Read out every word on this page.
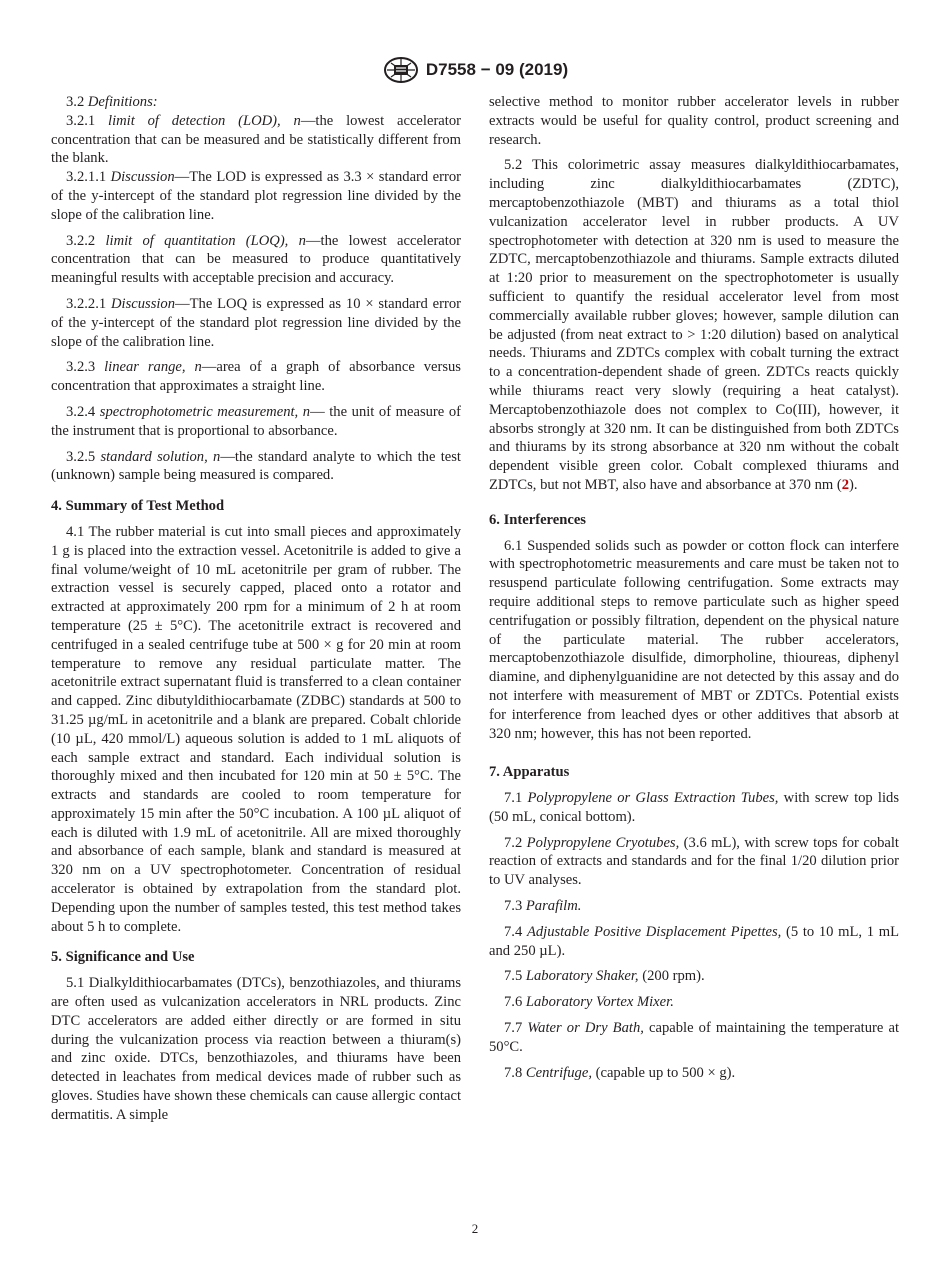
D7558 − 09 (2019)

3.2 Definitions:

3.2.1 limit of detection (LOD), n—the lowest accelerator concentration that can be measured and be statistically different from the blank.

3.2.1.1 Discussion—The LOD is expressed as 3.3 × standard error of the y-intercept of the standard plot regression line divided by the slope of the calibration line.

3.2.2 limit of quantitation (LOQ), n—the lowest accelerator concentration that can be measured to produce quantitatively meaningful results with acceptable precision and accuracy.

3.2.2.1 Discussion—The LOQ is expressed as 10 × standard error of the y-intercept of the standard plot regression line divided by the slope of the calibration line.

3.2.3 linear range, n—area of a graph of absorbance versus concentration that approximates a straight line.

3.2.4 spectrophotometric measurement, n— the unit of measure of the instrument that is proportional to absorbance.

3.2.5 standard solution, n—the standard analyte to which the test (unknown) sample being measured is compared.

4. Summary of Test Method

4.1 The rubber material is cut into small pieces and approximately 1 g is placed into the extraction vessel. Acetonitrile is added to give a final volume/weight of 10 mL acetonitrile per gram of rubber. The extraction vessel is securely capped, placed onto a rotator and extracted at approximately 200 rpm for a minimum of 2 h at room temperature (25 ± 5°C). The acetonitrile extract is recovered and centrifuged in a sealed centrifuge tube at 500 × g for 20 min at room temperature to remove any residual particulate matter. The acetonitrile extract supernatant fluid is transferred to a clean container and capped. Zinc dibutyldithiocarbamate (ZDBC) standards at 500 to 31.25 µg/mL in acetonitrile and a blank are prepared. Cobalt chloride (10 µL, 420 mmol/L) aqueous solution is added to 1 mL aliquots of each sample extract and standard. Each individual solution is thoroughly mixed and then incubated for 120 min at 50 ± 5°C. The extracts and standards are cooled to room temperature for approximately 15 min after the 50°C incubation. A 100 µL aliquot of each is diluted with 1.9 mL of acetonitrile. All are mixed thoroughly and absorbance of each sample, blank and standard is measured at 320 nm on a UV spectrophotometer. Concentration of residual accelerator is obtained by extrapolation from the standard plot. Depending upon the number of samples tested, this test method takes about 5 h to complete.

5. Significance and Use

5.1 Dialkyldithiocarbamates (DTCs), benzothiazoles, and thiurams are often used as vulcanization accelerators in NRL products. Zinc DTC accelerators are added either directly or are formed in situ during the vulcanization process via reaction between a thiuram(s) and zinc oxide. DTCs, benzothiazoles, and thiurams have been detected in leachates from medical devices made of rubber such as gloves. Studies have shown these chemicals can cause allergic contact dermatitis. A simple

selective method to monitor rubber accelerator levels in rubber extracts would be useful for quality control, product screening and research.

5.2 This colorimetric assay measures dialkyldithiocarbamates, including zinc dialkyldithiocarbamates (ZDTC), mercaptobenzothiazole (MBT) and thiurams as a total thiol vulcanization accelerator level in rubber products. A UV spectrophotometer with detection at 320 nm is used to measure the ZDTC, mercaptobenzothiazole and thiurams. Sample extracts diluted at 1:20 prior to measurement on the spectrophotometer is usually sufficient to quantify the residual accelerator level from most commercially available rubber gloves; however, sample dilution can be adjusted (from neat extract to > 1:20 dilution) based on analytical needs. Thiurams and ZDTCs complex with cobalt turning the extract to a concentration-dependent shade of green. ZDTCs reacts quickly while thiurams react very slowly (requiring a heat catalyst). Mercaptobenzothiazole does not complex to Co(III), however, it absorbs strongly at 320 nm. It can be distinguished from both ZDTCs and thiurams by its strong absorbance at 320 nm without the cobalt dependent visible green color. Cobalt complexed thiurams and ZDTCs, but not MBT, also have and absorbance at 370 nm (2).

6. Interferences

6.1 Suspended solids such as powder or cotton flock can interfere with spectrophotometric measurements and care must be taken not to resuspend particulate following centrifugation. Some extracts may require additional steps to remove particulate such as higher speed centrifugation or possibly filtration, dependent on the physical nature of the particulate material. The rubber accelerators, mercaptobenzothiazole disulfide, dimorpholine, thioureas, diphenyl diamine, and diphenylguanidine are not detected by this assay and do not interfere with measurement of MBT or ZDTCs. Potential exists for interference from leached dyes or other additives that absorb at 320 nm; however, this has not been reported.

7. Apparatus

7.1 Polypropylene or Glass Extraction Tubes, with screw top lids (50 mL, conical bottom).

7.2 Polypropylene Cryotubes, (3.6 mL), with screw tops for cobalt reaction of extracts and standards and for the final 1/20 dilution prior to UV analyses.

7.3 Parafilm.

7.4 Adjustable Positive Displacement Pipettes, (5 to 10 mL, 1 mL and 250 µL).

7.5 Laboratory Shaker, (200 rpm).

7.6 Laboratory Vortex Mixer.

7.7 Water or Dry Bath, capable of maintaining the temperature at 50°C.

7.8 Centrifuge, (capable up to 500 × g).

2
